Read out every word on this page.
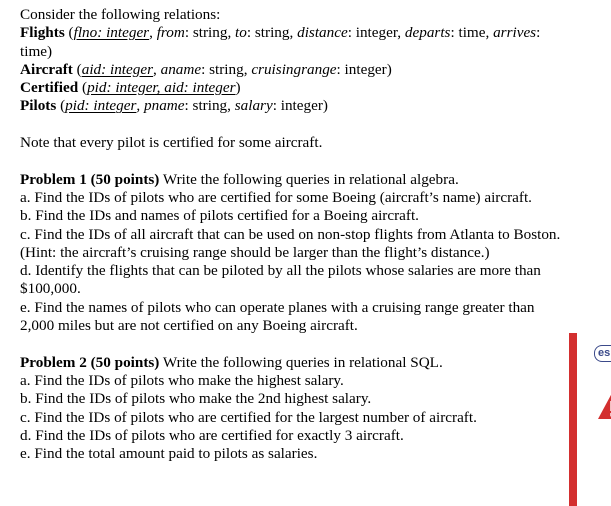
Consider the following relations:
Flights (flno: integer, from: string, to: string, distance: integer, departs: time, arrives:
time)
Aircraft (aid: integer, aname: string, cruisingrange: integer)
Certified (pid: integer, aid: integer)
Pilots (pid: integer, pname: string, salary: integer)
Note that every pilot is certified for some aircraft.
Problem 1 (50 points) Write the following queries in relational algebra.
a. Find the IDs of pilots who are certified for some Boeing (aircraft’s name) aircraft.
b. Find the IDs and names of pilots certified for a Boeing aircraft.
c. Find the IDs of all aircraft that can be used on non-stop flights from Atlanta to Boston.
(Hint: the aircraft’s cruising range should be larger than the flight’s distance.)
d. Identify the flights that can be piloted by all the pilots whose salaries are more than
$100,000.
e. Find the names of pilots who can operate planes with a cruising range greater than
2,000 miles but are not certified on any Boeing aircraft.
Problem 2 (50 points) Write the following queries in relational SQL.
a. Find the IDs of pilots who make the highest salary.
b. Find the IDs of pilots who make the 2nd highest salary.
c. Find the IDs of pilots who are certified for the largest number of aircraft.
d. Find the IDs of pilots who are certified for exactly 3 aircraft.
e. Find the total amount paid to pilots as salaries.
es
